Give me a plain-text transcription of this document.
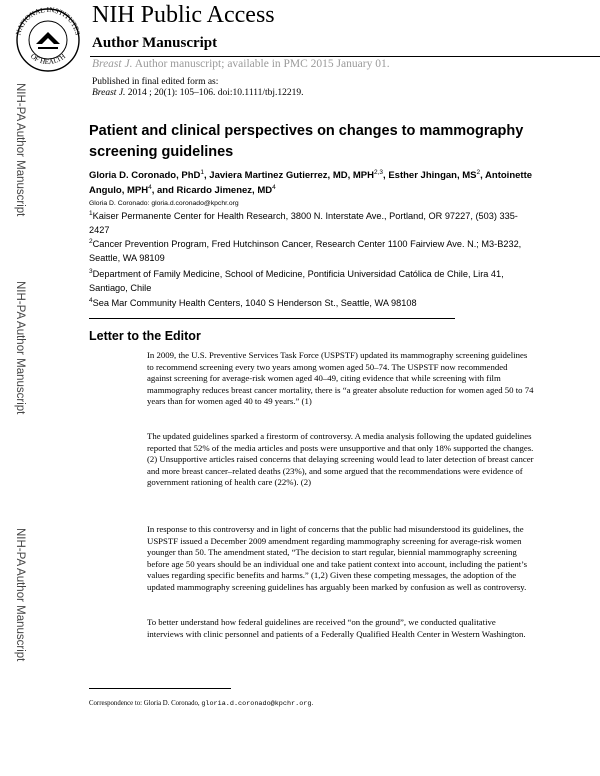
NATIONAL INSTITUTES
OF HEALTH
NIH Public Access
Author Manuscript
Breast J. Author manuscript; available in PMC 2015 January 01.
Published in final edited form as:
Breast J. 2014 ; 20(1): 105–106. doi:10.1111/tbj.12219.
NIH-PA Author Manuscript
NIH-PA Author Manuscript
NIH-PA Author Manuscript
Patient and clinical perspectives on changes to mammography screening guidelines
Gloria D. Coronado, PhD$^1$, Javiera Martinez Gutierrez, MD, MPH$^{2,3}$, Esther Jhingan, $MS^2$, Antoinette Angulo, MPH$^4$, and Ricardo Jimenez, $MD^4$
Gloria D. Coronado: gloria.d.coronado@kpchr.org
$^1$Kaiser Permanente Center for Health Research, 3800 N. Interstate Ave., Portland, OR 97227, (503) 335-2427
$^2$Cancer Prevention Program, Fred Hutchinson Cancer, Research Center 1100 Fairview Ave. N.; M3-B232, Seattle, WA 98109
$^3$Department of Family Medicine, School of Medicine, Pontificia Universidad Católica de Chile, Lira 41, Santiago, Chile
$^4$Sea Mar Community Health Centers, 1040 S Henderson St., Seattle, WA 98108
Letter to the Editor
In 2009, the U.S. Preventive Services Task Force (USPSTF) updated its mammography screening guidelines to recommend screening every two years among women aged 50–74. The USPSTF now recommended against screening for average-risk women aged 40–49, citing evidence that while screening with film mammography reduces breast cancer mortality, there is “a greater absolute reduction for women aged 50 to 74 years than for women aged 40 to 49 years.” (1)
The updated guidelines sparked a firestorm of controversy. A media analysis following the updated guidelines reported that 52% of the media articles and posts were unsupportive and that only 18% supported the changes.(2) Unsupportive articles raised concerns that delaying screening would lead to later detection of breast cancer and more breast cancer–related deaths (23%), and some argued that the recommendations were evidence of government rationing of health care (22%). (2)
In response to this controversy and in light of concerns that the public had misunderstood its guidelines, the USPSTF issued a December 2009 amendment regarding mammography screening for average-risk women younger than 50. The amendment stated, “The decision to start regular, biennial mammography screening before age 50 years should be an individual one and take patient context into account, including the patient’s values regarding specific benefits and harms.” (1,2) Given these competing messages, the adoption of the updated mammography screening guidelines has arguably been marked by confusion as well as controversy.
To better understand how federal guidelines are received “on the ground”, we conducted qualitative interviews with clinic personnel and patients of a Federally Qualified Health Center in Western Washington.
Correspondence to: Gloria D. Coronado, gloria.d.coronado@kpchr.org.
